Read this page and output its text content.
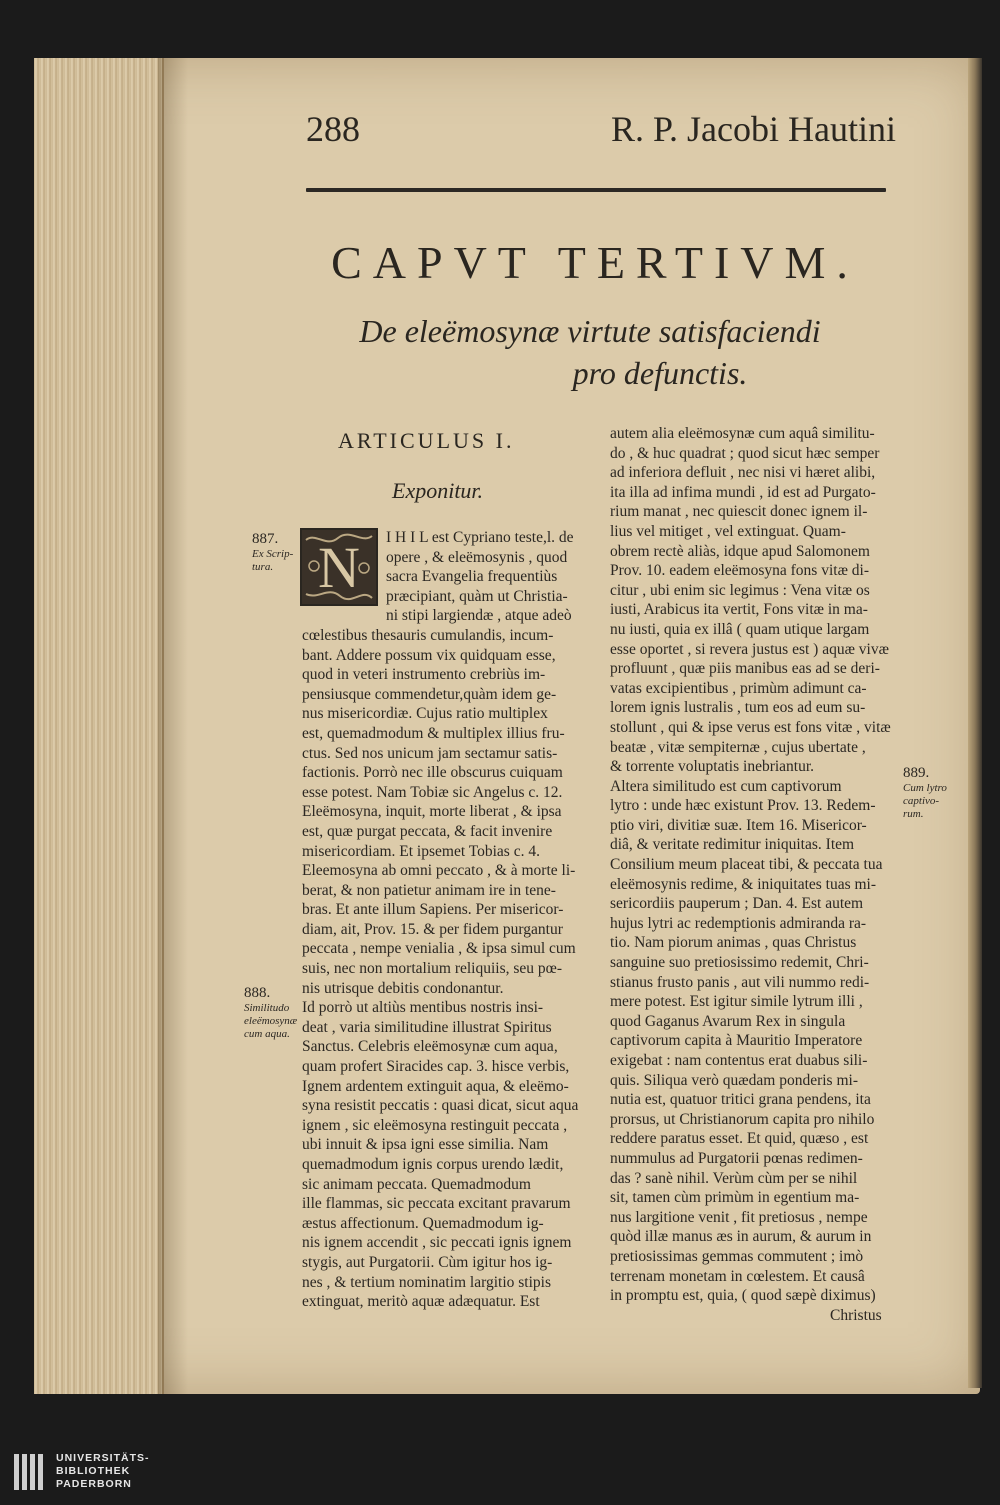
288	R. P. Jacobi Hautini
CAPVT TERTIVM.
De eleëmosynæ virtute satisfaciendi
pro defunctis.
ARTICULUS I.
Exponitur.
N	I H I L est Cypriano teste,l. de
opere , & eleëmosynis , quod
sacra Evangelia frequentiùs
præcipiant, quàm ut Christia-
ni stipi largiendæ , atque adeò
cœlestibus thesauris cumulandis, incum-
bant. Addere possum vix quidquam esse,
quod in veteri instrumento crebriùs im-
pensiusque commendetur,quàm idem ge-
nus misericordiæ. Cujus ratio multiplex
est, quemadmodum & multiplex illius fru-
ctus. Sed nos unicum jam sectamur satis-
factionis. Porrò nec ille obscurus cuiquam
esse potest. Nam Tobiæ sic Angelus c. 12.
Eleëmosyna, inquit, morte liberat , & ipsa
est, quæ purgat peccata, & facit invenire
misericordiam. Et ipsemet Tobias c. 4.
Eleemosyna ab omni peccato , & à morte li-
berat, & non patietur animam ire in tene-
bras. Et ante illum Sapiens. Per misericor-
diam, ait, Prov. 15. & per fidem purgantur
peccata , nempe venialia , & ipsa simul cum
suis, nec non mortalium reliquiis, seu pœ-
nis utrisque debitis condonantur.
Id porrò ut altiùs mentibus nostris insi-
deat , varia similitudine illustrat Spiritus
Sanctus. Celebris eleëmosynæ cum aqua,
quam profert Siracides cap. 3. hisce verbis,
Ignem ardentem extinguit aqua, & eleëmo-
syna resistit peccatis : quasi dicat, sicut aqua
ignem , sic eleëmosyna restinguit peccata ,
ubi innuit & ipsa igni esse similia. Nam
quemadmodum ignis corpus urendo lædit,
sic animam peccata. Quemadmodum
ille flammas, sic peccata excitant pravarum
æstus affectionum. Quemadmodum ig-
nis ignem accendit , sic peccati ignis ignem
stygis, aut Purgatorii. Cùm igitur hos ig-
nes , & tertium nominatim largitio stipis
extinguat, meritò aquæ adæquatur. Est
autem alia eleëmosynæ cum aquâ similitu-
do , & huc quadrat ; quod sicut hæc semper
ad inferiora defluit , nec nisi vi hæret alibi,
ita illa ad infima mundi , id est ad Purgato-
rium manat , nec quiescit donec ignem il-
lius vel mitiget , vel extinguat. Quam-
obrem rectè aliàs, idque apud Salomonem
Prov. 10. eadem eleëmosyna fons vitæ di-
citur , ubi enim sic legimus : Vena vitæ os
iusti, Arabicus ita vertit, Fons vitæ in ma-
nu iusti, quia ex illâ ( quam utique largam
esse oportet , si revera justus est ) aquæ vivæ
profluunt , quæ piis manibus eas ad se deri-
vatas excipientibus , primùm adimunt ca-
lorem ignis lustralis , tum eos ad eum su-
stollunt , qui & ipse verus est fons vitæ , vitæ
beatæ , vitæ sempiternæ , cujus ubertate ,
& torrente voluptatis inebriantur.
Altera similitudo est cum captivorum
lytro : unde hæc existunt Prov. 13. Redem-
ptio viri, divitiæ suæ. Item 16. Misericor-
diâ, & veritate redimitur iniquitas. Item
Consilium meum placeat tibi, & peccata tua
eleëmosynis redime, & iniquitates tuas mi-
sericordiis pauperum ; Dan. 4. Est autem
hujus lytri ac redemptionis admiranda ra-
tio. Nam piorum animas , quas Christus
sanguine suo pretiosissimo redemit, Chri-
stianus frusto panis , aut vili nummo redi-
mere potest. Est igitur simile lytrum illi ,
quod Gaganus Avarum Rex in singula
captivorum capita à Mauritio Imperatore
exigebat : nam contentus erat duabus sili-
quis. Siliqua verò quædam ponderis mi-
nutia est, quatuor tritici grana pendens, ita
prorsus, ut Christianorum capita pro nihilo
reddere paratus esset. Et quid, quæso , est
nummulus ad Purgatorii pœnas redimen-
das ? sanè nihil. Verùm cùm per se nihil
sit, tamen cùm primùm in egentium ma-
nus largitione venit , fit pretiosus , nempe
quòd illæ manus æs in aurum, & aurum in
pretiosissimas gemmas commutent ; imò
terrenam monetam in cœlestem. Et causâ
in promptu est, quia, ( quod sæpè diximus)
Christus
887.
Ex Scrip-
tura.
888.
Similitudo
eleëmosynæ
cum aqua.
889.
Cum lytro
captivo-
rum.
UNIVERSITÄTS-
BIBLIOTHEK
PADERBORN
